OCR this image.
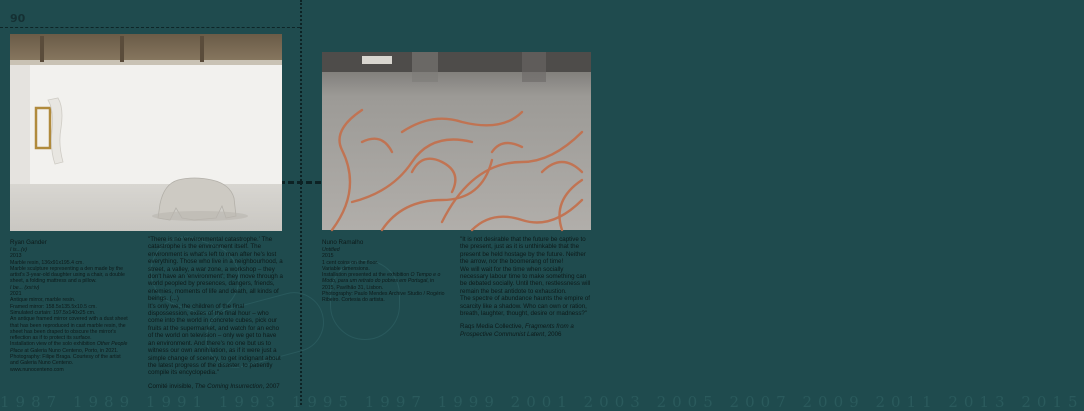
90
1987 1989 1991 1993 1995 1997 1999 2001 2003 2005 2007 2009 2011 2013 2015

Ryan Gander

I is...(v)

2013

Marble resin, 136x91x195.4 cm.

Marble sculpture representing a den made by the artist's 3-year-old daughter using a chair, a double sheet, a folding mattress and a pillow.

I be... (xxi:iv)

2021

Antique mirror, marble resin.

Framed mirror: 158.5x135.5x10.5 cm.

Simulated curtain: 197.5x140x25 cm.

An antique framed mirror covered with a dust sheet that has been reproduced in cast marble resin, the sheet has been draped to obscure the mirror's reflection as if to protect its surface.

Installation view of the solo exhibition Other People Place at Galeria Nuno Centeno, Porto, in 2021.

Photography: Filipe Braga. Courtesy of the artist and Galeria Nuno Centeno.

www.nunocenteno.com

"There is no 'environmental catastrophe.' The catastrophe is the environment itself. The environment is what's left to man after he's lost everything. Those who live in a neighbourhood, a street, a valley, a war zone, a workshop – they don't have an 'environment'; they move through a world peopled by presences, dangers, friends, enemies, moments of life and death, all kinds of beings. (...)

It's only we, the children of the final dispossession, exiles of the final hour – who come into the world in concrete cubes, pick our fruits at the supermarket, and watch for an echo of the world on television – only we get to have an environment. And there's no one but us to witness our own annihilation, as if it were just a simple change of scenery, to get indignant about the latest progress of the disaster, to patiently compile its encyclopedia."

Comité invisible, The Coming Insurrection, 2007

Nuno Ramalho

Untitled

2015

1 cent coins on the floor.

Variable dimensions.

Installation presented at the exhibition O Tempo e o Modo, para um retrato do pobres em Portugal, in 2015, Pavilhão 31, Lisbon.

Photography: Paulo Mendes Archive Studio / Rogério Ribeiro. Cortesia do artista.

"It is not desirable that the future be captive to the present, just as it is unthinkable that the present be held hostage by the future. Neither the arrow, nor the boomerang of time!

We will wait for the time when socially necessary labour time to make something can be debated socially. Until then, restlessness will remain the best antidote to exhaustion.

The spectre of abundance haunts the empire of scarcity like a shadow. Who can own or ration, breath, laughter, thought, desire or madness?"

Raqs Media Collective, Fragments from a Prospective Communist Latent, 2006
